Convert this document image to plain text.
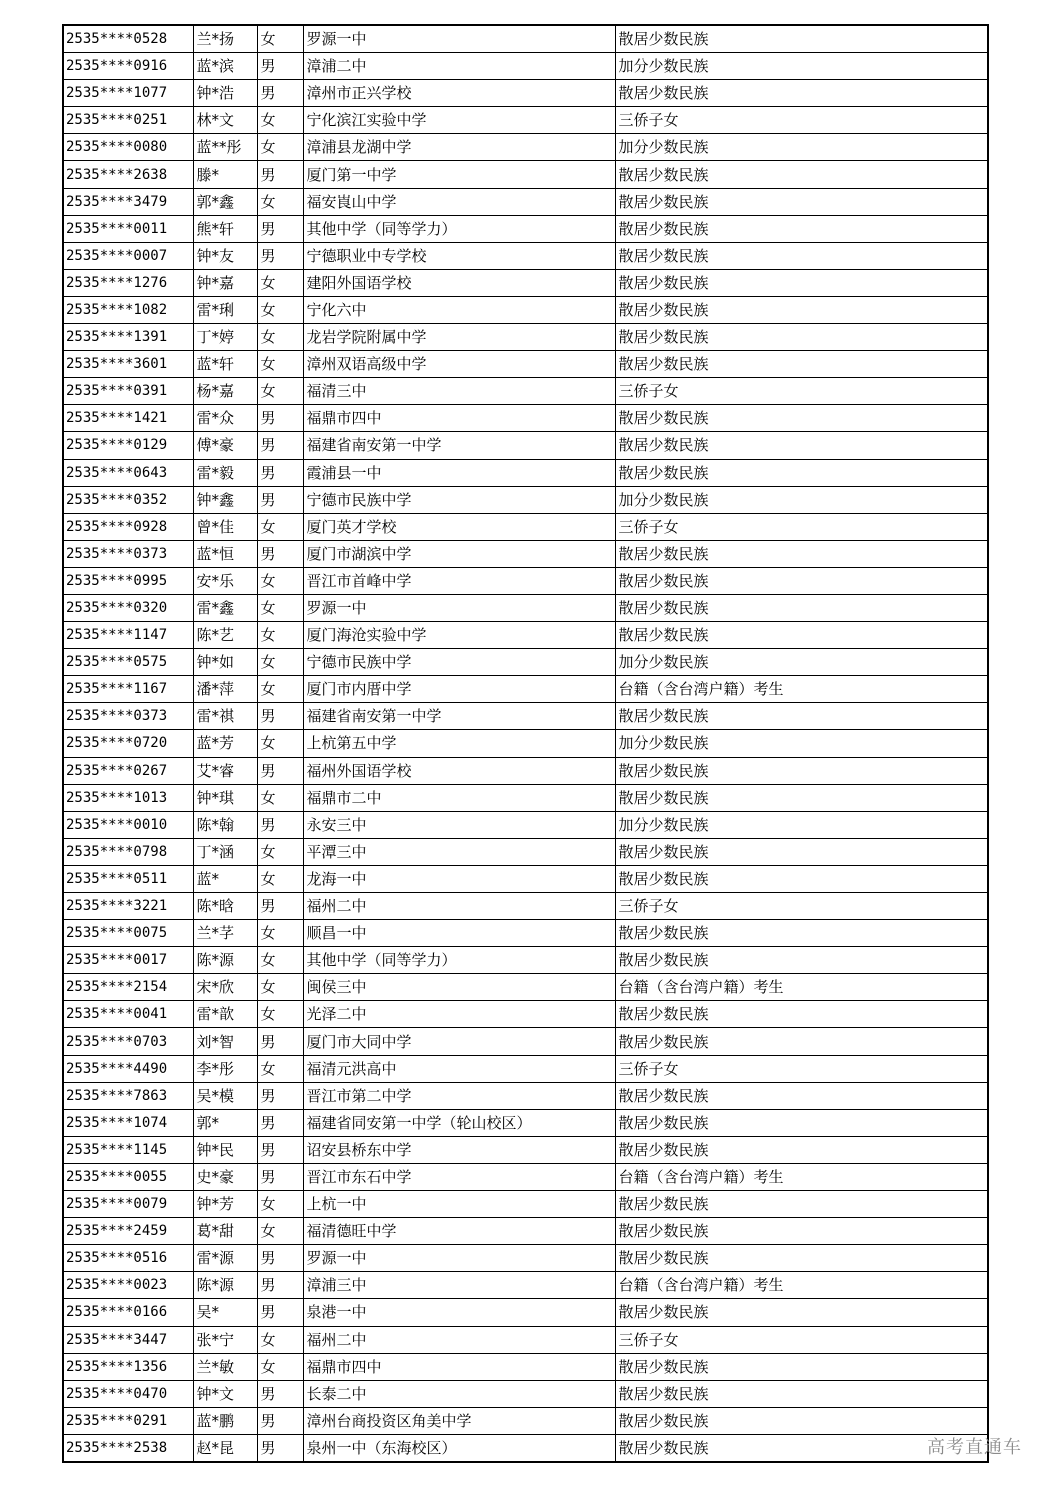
2535****0528	兰*扬	女	罗源一中	散居少数民族
2535****0916	蓝*滨	男	漳浦二中	加分少数民族
2535****1077	钟*浩	男	漳州市正兴学校	散居少数民族
2535****0251	林*文	女	宁化滨江实验中学	三侨子女
2535****0080	蓝**彤	女	漳浦县龙湖中学	加分少数民族
2535****2638	滕*	男	厦门第一中学	散居少数民族
2535****3479	郭*鑫	女	福安崀山中学	散居少数民族
2535****0011	熊*轩	男	其他中学（同等学力）	散居少数民族
2535****0007	钟*友	男	宁德职业中专学校	散居少数民族
2535****1276	钟*嘉	女	建阳外国语学校	散居少数民族
2535****1082	雷*琍	女	宁化六中	散居少数民族
2535****1391	丁*婷	女	龙岩学院附属中学	散居少数民族
2535****3601	蓝*轩	女	漳州双语高级中学	散居少数民族
2535****0391	杨*嘉	女	福清三中	三侨子女
2535****1421	雷*众	男	福鼎市四中	散居少数民族
2535****0129	傅*豪	男	福建省南安第一中学	散居少数民族
2535****0643	雷*毅	男	霞浦县一中	散居少数民族
2535****0352	钟*鑫	男	宁德市民族中学	加分少数民族
2535****0928	曾*佳	女	厦门英才学校	三侨子女
2535****0373	蓝*恒	男	厦门市湖滨中学	散居少数民族
2535****0995	安*乐	女	晋江市首峰中学	散居少数民族
2535****0320	雷*鑫	女	罗源一中	散居少数民族
2535****1147	陈*艺	女	厦门海沧实验中学	散居少数民族
2535****0575	钟*如	女	宁德市民族中学	加分少数民族
2535****1167	潘*萍	女	厦门市内厝中学	台籍（含台湾户籍）考生
2535****0373	雷*祺	男	福建省南安第一中学	散居少数民族
2535****0720	蓝*芳	女	上杭第五中学	加分少数民族
2535****0267	艾*睿	男	福州外国语学校	散居少数民族
2535****1013	钟*琪	女	福鼎市二中	散居少数民族
2535****0010	陈*翰	男	永安三中	加分少数民族
2535****0798	丁*涵	女	平潭三中	散居少数民族
2535****0511	蓝*	女	龙海一中	散居少数民族
2535****3221	陈*晗	男	福州二中	三侨子女
2535****0075	兰*芓	女	顺昌一中	散居少数民族
2535****0017	陈*源	女	其他中学（同等学力）	散居少数民族
2535****2154	宋*欣	女	闽侯三中	台籍（含台湾户籍）考生
2535****0041	雷*歆	女	光泽二中	散居少数民族
2535****0703	刘*智	男	厦门市大同中学	散居少数民族
2535****4490	李*彤	女	福清元洪高中	三侨子女
2535****7863	吴*模	男	晋江市第二中学	散居少数民族
2535****1074	郭*	男	福建省同安第一中学（轮山校区）	散居少数民族
2535****1145	钟*民	男	诏安县桥东中学	散居少数民族
2535****0055	史*豪	男	晋江市东石中学	台籍（含台湾户籍）考生
2535****0079	钟*芳	女	上杭一中	散居少数民族
2535****2459	葛*甜	女	福清德旺中学	散居少数民族
2535****0516	雷*源	男	罗源一中	散居少数民族
2535****0023	陈*源	男	漳浦三中	台籍（含台湾户籍）考生
2535****0166	吴*	男	泉港一中	散居少数民族
2535****3447	张*宁	女	福州二中	三侨子女
2535****1356	兰*敏	女	福鼎市四中	散居少数民族
2535****0470	钟*文	男	长泰二中	散居少数民族
2535****0291	蓝*鹏	男	漳州台商投资区角美中学	散居少数民族
2535****2538	赵*昆	男	泉州一中（东海校区）	散居少数民族	高考直通车
